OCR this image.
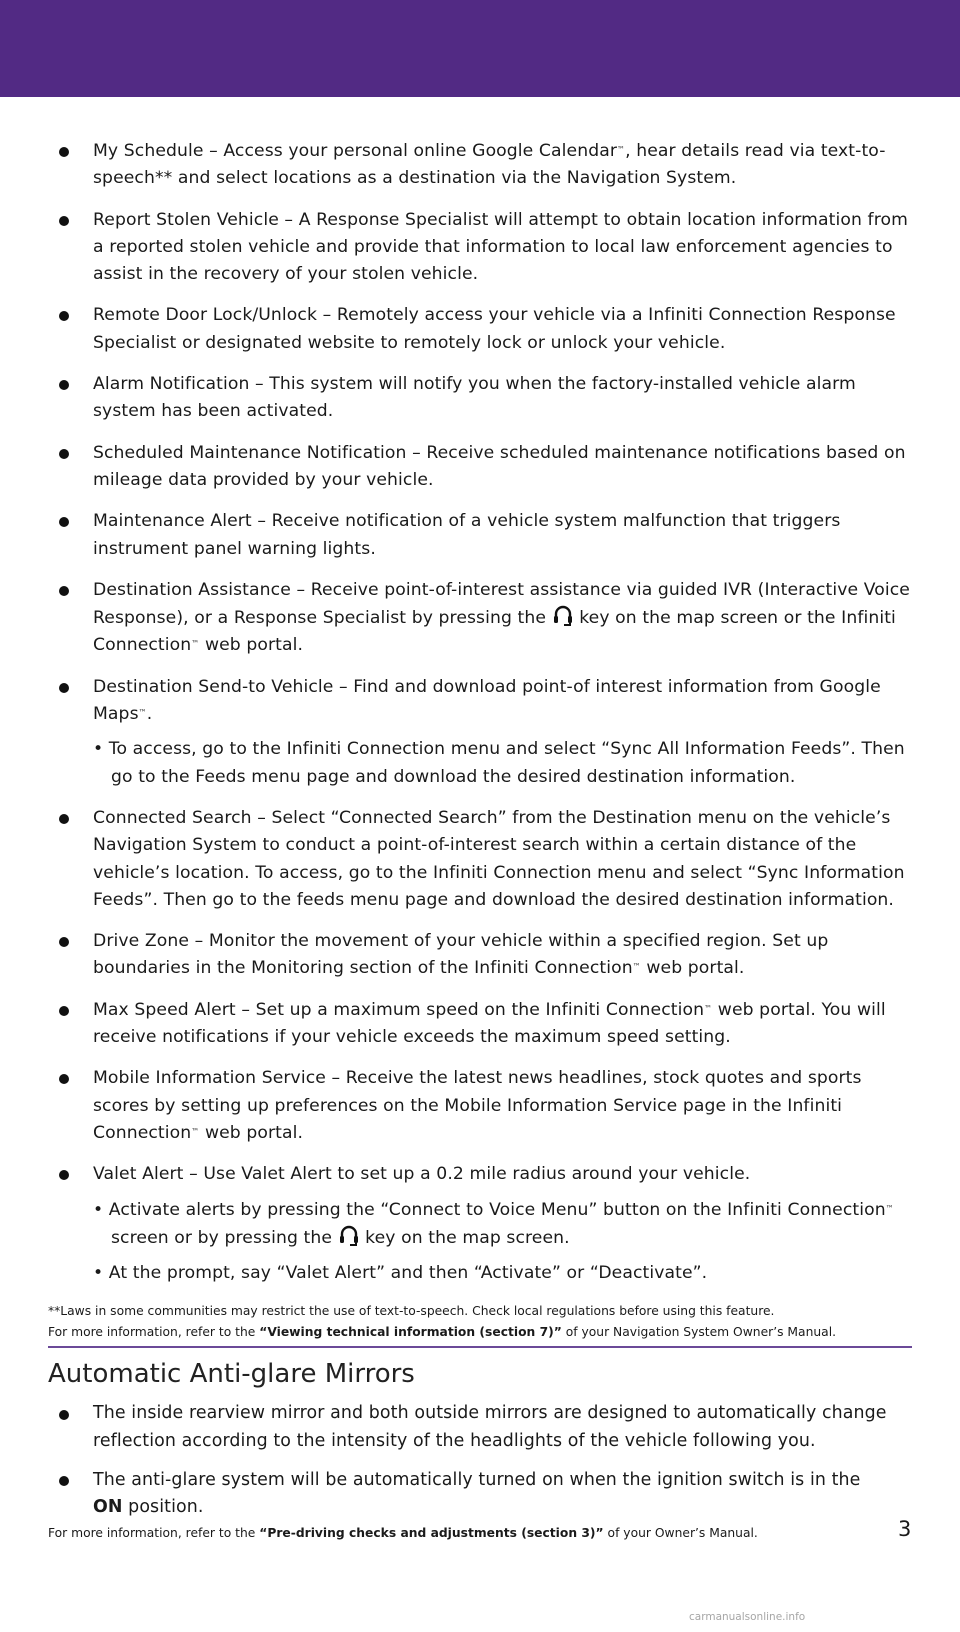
My Schedule – Access your personal online Google Calendar™, hear details read via text-to-speech** and select locations as a destination via the Navigation System.
Report Stolen Vehicle – A Response Specialist will attempt to obtain location information from a reported stolen vehicle and provide that information to local law enforcement agencies to assist in the recovery of your stolen vehicle.
Remote Door Lock/Unlock – Remotely access your vehicle via a Infiniti Connection Response Specialist or designated website to remotely lock or unlock your vehicle.
Alarm Notification – This system will notify you when the factory-installed vehicle alarm system has been activated.
Scheduled Maintenance Notification – Receive scheduled maintenance notifications based on mileage data provided by your vehicle.
Maintenance Alert – Receive notification of a vehicle system malfunction that triggers instrument panel warning lights.
Destination Assistance – Receive point-of-interest assistance via guided IVR (Interactive Voice Response), or a Response Specialist by pressing the  key on the map screen or the Infiniti Connection™ web portal.
Destination Send-to Vehicle – Find and download point-of interest information from Google Maps™.
• To access, go to the Infiniti Connection menu and select “Sync All Information Feeds”. Then go to the Feeds menu page and download the desired destination information.
Connected Search – Select “Connected Search” from the Destination menu on the vehicle’s Navigation System to conduct a point-of-interest search within a certain distance of the vehicle’s location. To access, go to the Infiniti Connection menu and select “Sync Information Feeds”. Then go to the feeds menu page and download the desired destination information.
Drive Zone – Monitor the movement of your vehicle within a specified region. Set up boundaries in the Monitoring section of the Infiniti Connection™ web portal.
Max Speed Alert – Set up a maximum speed on the Infiniti Connection™ web portal. You will receive notifications if your vehicle exceeds the maximum speed setting.
Mobile Information Service – Receive the latest news headlines, stock quotes and sports scores by setting up preferences on the Mobile Information Service page in the Infiniti Connection™ web portal.
Valet Alert – Use Valet Alert to set up a 0.2 mile radius around your vehicle.
• Activate alerts by pressing the “Connect to Voice Menu” button on the Infiniti Connection™ screen or by pressing the  key on the map screen.
• At the prompt, say “Valet Alert” and then “Activate” or “Deactivate”.
**Laws in some communities may restrict the use of text-to-speech. Check local regulations before using this feature.
For more information, refer to the “Viewing technical information (section 7)” of your Navigation System Owner’s Manual.
Automatic Anti-glare Mirrors
The inside rearview mirror and both outside mirrors are designed to automatically change reflection according to the intensity of the headlights of the vehicle following you.
The anti-glare system will be automatically turned on when the ignition switch is in the
ON position.
For more information, refer to the “Pre-driving checks and adjustments (section 3)” of your Owner’s Manual.	3
carmanualsonline.info
